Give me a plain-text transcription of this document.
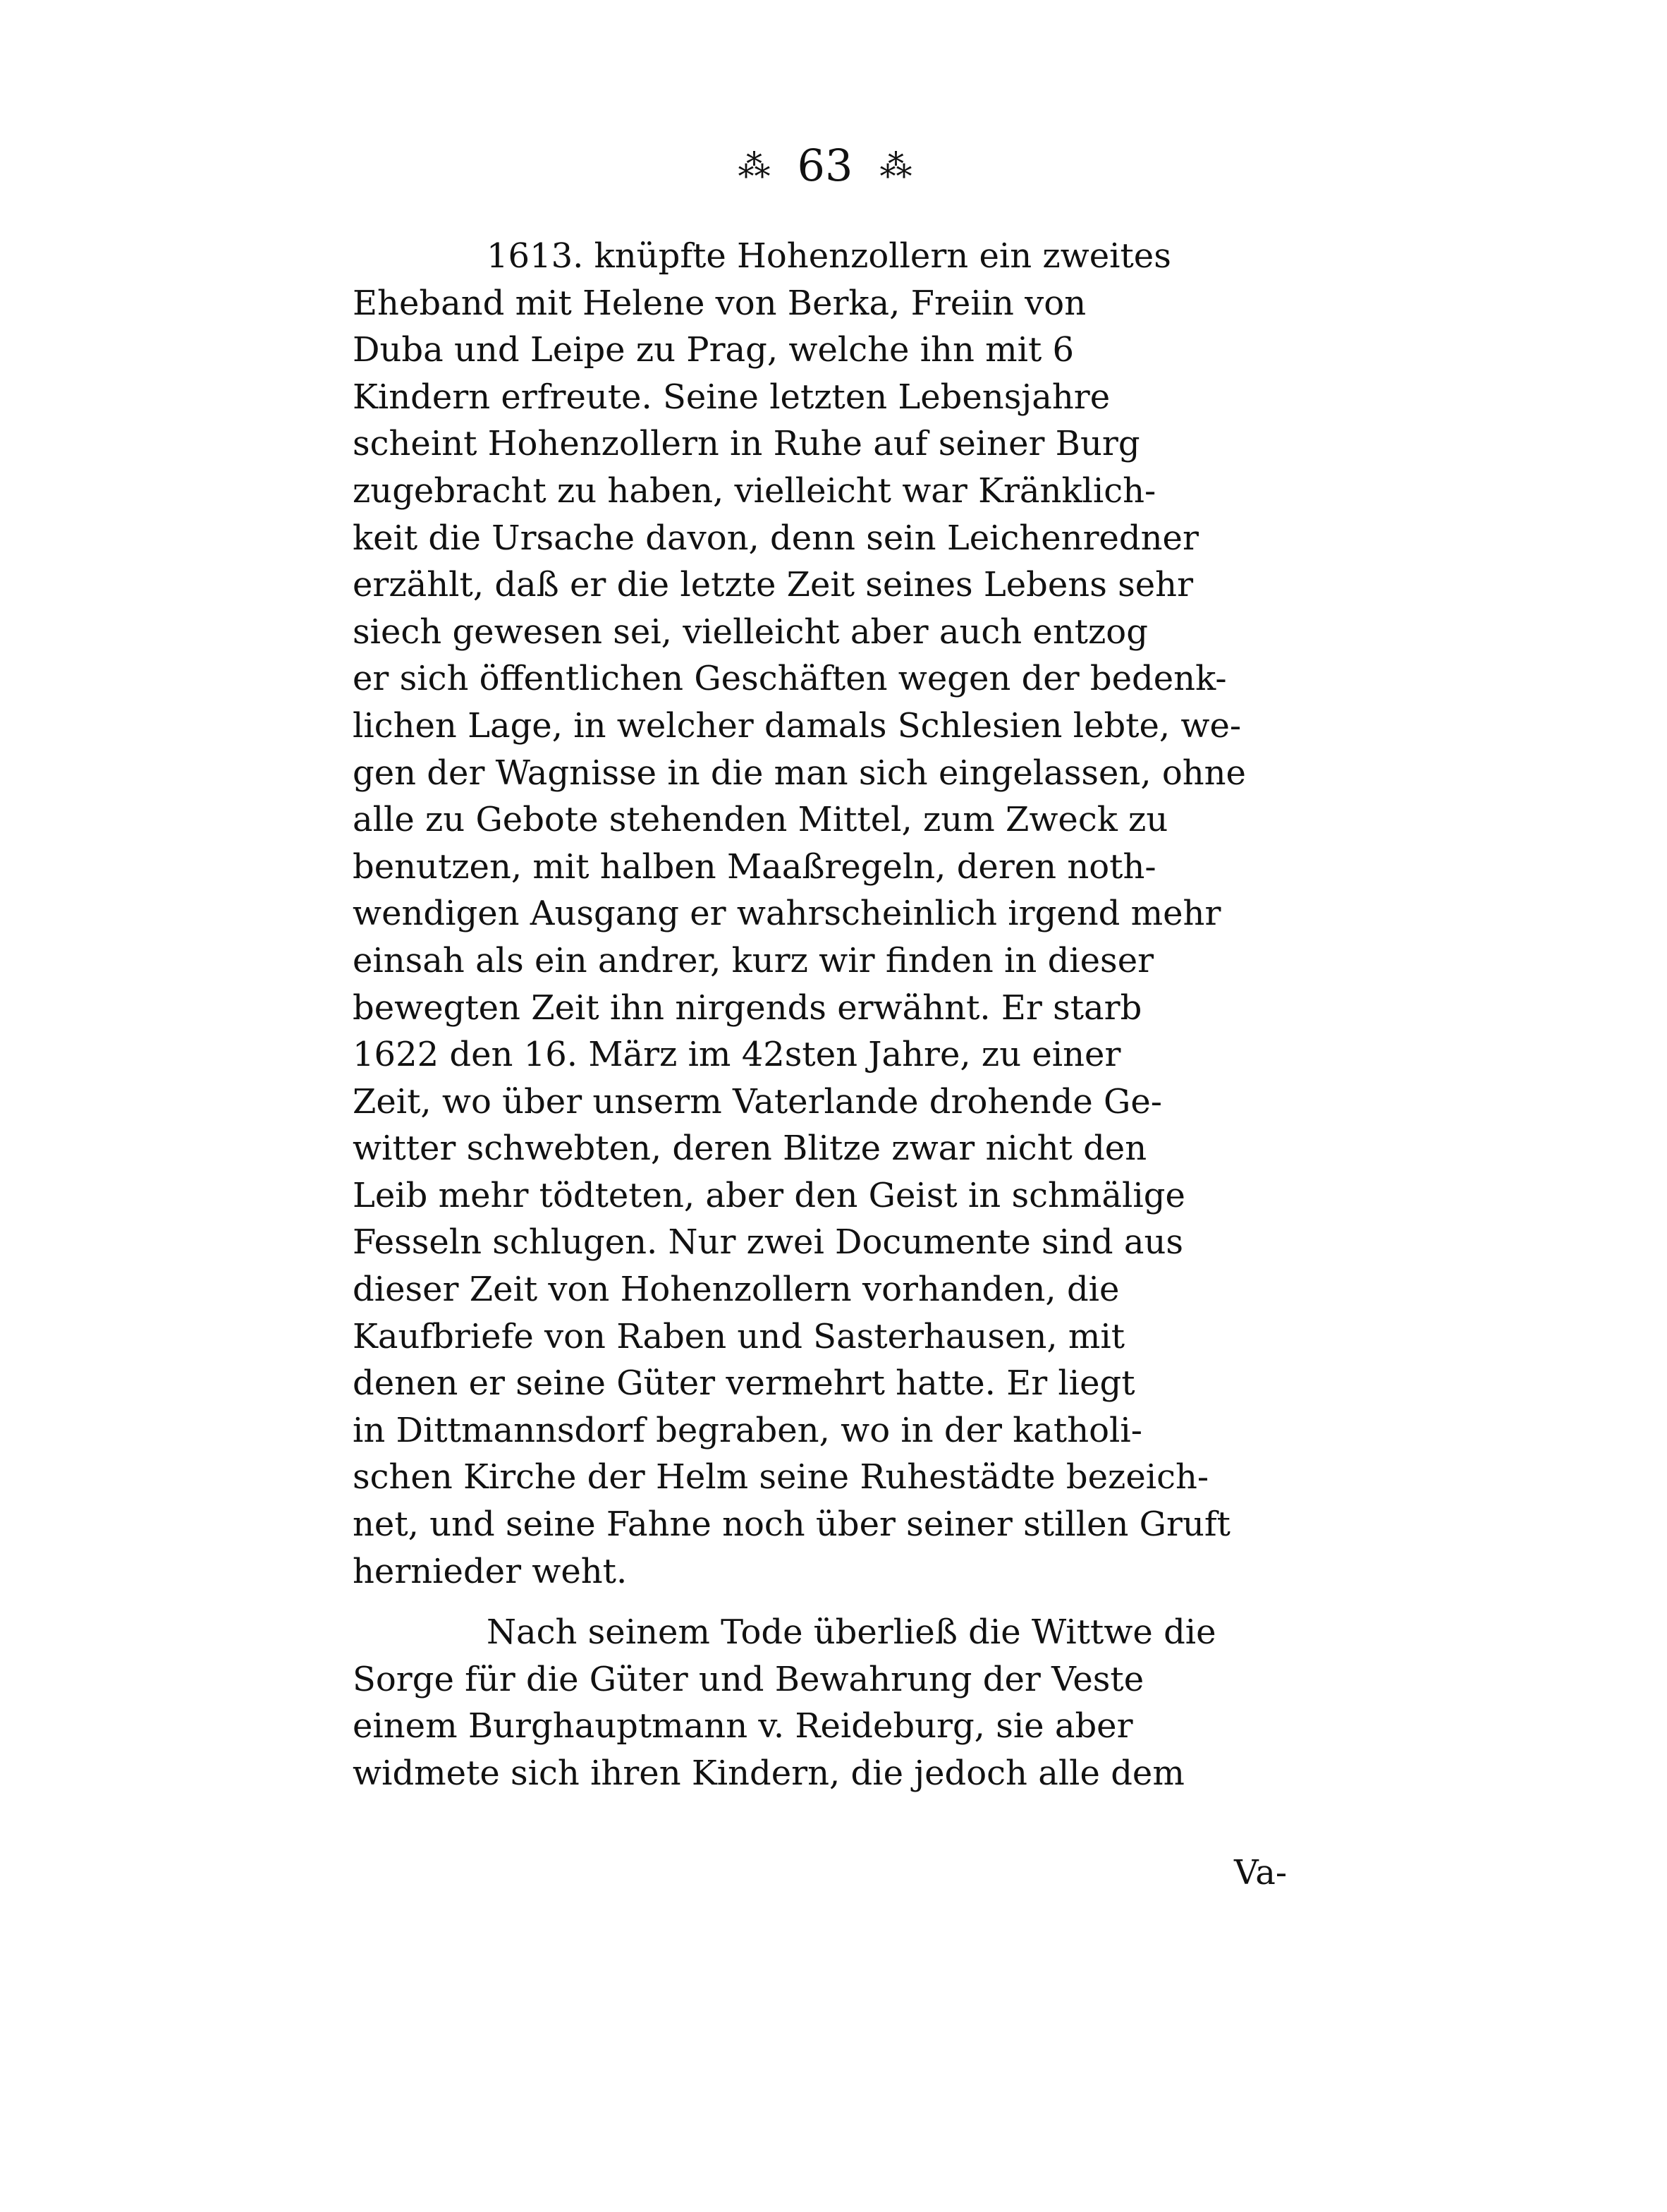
⁂ 63 ⁂
1613. knüpfte Hohenzollern ein zweites
Eheband mit Helene von Berka, Freiin von
Duba und Leipe zu Prag, welche ihn mit 6
Kindern erfreute. Seine letzten Lebensjahre
scheint Hohenzollern in Ruhe auf seiner Burg
zugebracht zu haben, vielleicht war Kränklich-
keit die Ursache davon, denn sein Leichenredner
erzählt, daß er die letzte Zeit seines Lebens sehr
siech gewesen sei, vielleicht aber auch entzog
er sich öffentlichen Geschäften wegen der bedenk-
lichen Lage, in welcher damals Schlesien lebte, we-
gen der Wagnisse in die man sich eingelassen, ohne
alle zu Gebote stehenden Mittel, zum Zweck zu
benutzen, mit halben Maaßregeln, deren noth-
wendigen Ausgang er wahrscheinlich irgend mehr
einsah als ein andrer, kurz wir finden in dieser
bewegten Zeit ihn nirgends erwähnt. Er starb
1622 den 16. März im 42sten Jahre, zu einer
Zeit, wo über unserm Vaterlande drohende Ge-
witter schwebten, deren Blitze zwar nicht den
Leib mehr tödteten, aber den Geist in schmälige
Fesseln schlugen. Nur zwei Documente sind aus
dieser Zeit von Hohenzollern vorhanden, die
Kaufbriefe von Raben und Sasterhausen, mit
denen er seine Güter vermehrt hatte. Er liegt
in Dittmannsdorf begraben, wo in der katholi-
schen Kirche der Helm seine Ruhestädte bezeich-
net, und seine Fahne noch über seiner stillen Gruft
hernieder weht.
Nach seinem Tode überließ die Wittwe die
Sorge für die Güter und Bewahrung der Veste
einem Burghauptmann v. Reideburg, sie aber
widmete sich ihren Kindern, die jedoch alle dem
Va-
